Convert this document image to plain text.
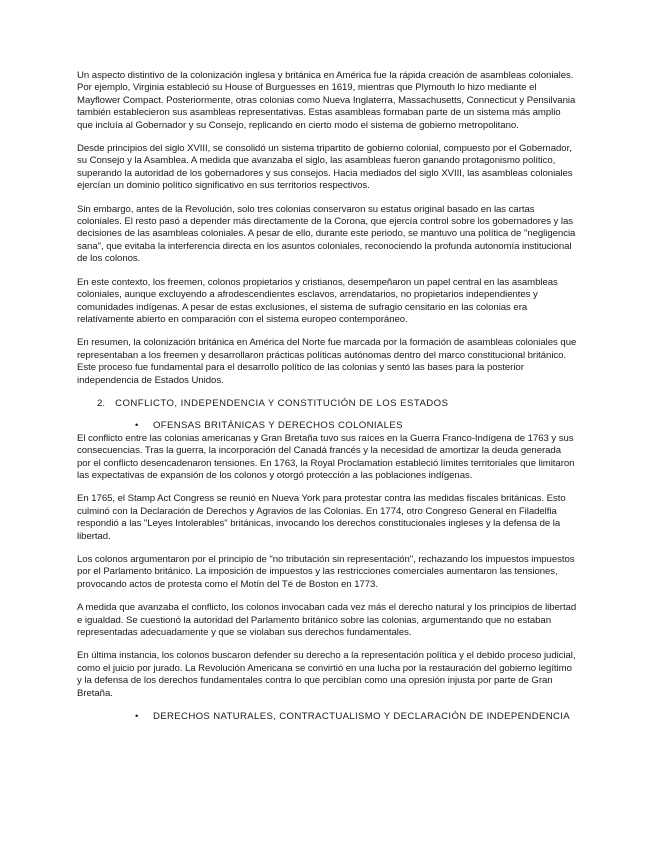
Un aspecto distintivo de la colonización inglesa y británica en América fue la rápida creación de asambleas coloniales. Por ejemplo, Virginia estableció su House of Burguesses en 1619, mientras que Plymouth lo hizo mediante el Mayflower Compact. Posteriormente, otras colonias como Nueva Inglaterra, Massachusetts, Connecticut y Pensilvania también establecieron sus asambleas representativas. Estas asambleas formaban parte de un sistema más amplio que incluía al Gobernador y su Consejo, replicando en cierto modo el sistema de gobierno metropolitano.

Desde principios del siglo XVIII, se consolidó un sistema tripartito de gobierno colonial, compuesto por el Gobernador, su Consejo y la Asamblea. A medida que avanzaba el siglo, las asambleas fueron ganando protagonismo político, superando la autoridad de los gobernadores y sus consejos. Hacia mediados del siglo XVIII, las asambleas coloniales ejercían un dominio político significativo en sus territorios respectivos.

Sin embargo, antes de la Revolución, solo tres colonias conservaron su estatus original basado en las cartas coloniales. El resto pasó a depender más directamente de la Corona, que ejercía control sobre los gobernadores y las decisiones de las asambleas coloniales. A pesar de ello, durante este periodo, se mantuvo una política de "negligencia sana", que evitaba la interferencia directa en los asuntos coloniales, reconociendo la profunda autonomía institucional de los colonos.

En este contexto, los freemen, colonos propietarios y cristianos, desempeñaron un papel central en las asambleas coloniales, aunque excluyendo a afrodescendientes esclavos, arrendatarios, no propietarios independientes y comunidades indígenas. A pesar de estas exclusiones, el sistema de sufragio censitario en las colonias era relativamente abierto en comparación con el sistema europeo contemporáneo.

En resumen, la colonización británica en América del Norte fue marcada por la formación de asambleas coloniales que representaban a los freemen y desarrollaron prácticas políticas autónomas dentro del marco constitucional británico. Este proceso fue fundamental para el desarrollo político de las colonias y sentó las bases para la posterior independencia de Estados Unidos.

2. CONFLICTO, INDEPENDENCIA Y CONSTITUCIÓN DE LOS ESTADOS
•	OFENSAS BRITÁNICAS Y DERECHOS COLONIALES

El conflicto entre las colonias americanas y Gran Bretaña tuvo sus raíces en la Guerra Franco-Indígena de 1763 y sus consecuencias. Tras la guerra, la incorporación del Canadá francés y la necesidad de amortizar la deuda generada por el conflicto desencadenaron tensiones. En 1763, la Royal Proclamation estableció límites territoriales que limitaron las expectativas de expansión de los colonos y otorgó protección a las poblaciones indígenas.

En 1765, el Stamp Act Congress se reunió en Nueva York para protestar contra las medidas fiscales británicas. Esto culminó con la Declaración de Derechos y Agravios de las Colonias. En 1774, otro Congreso General en Filadelfia respondió a las "Leyes Intolerables" británicas, invocando los derechos constitucionales ingleses y la defensa de la libertad.

Los colonos argumentaron por el principio de "no tributación sin representación", rechazando los impuestos impuestos por el Parlamento británico. La imposición de impuestos y las restricciones comerciales aumentaron las tensiones, provocando actos de protesta como el Motín del Té de Boston en 1773.

A medida que avanzaba el conflicto, los colonos invocaban cada vez más el derecho natural y los principios de libertad e igualdad. Se cuestionó la autoridad del Parlamento británico sobre las colonias, argumentando que no estaban representadas adecuadamente y que se violaban sus derechos fundamentales.

En última instancia, los colonos buscaron defender su derecho a la representación política y el debido proceso judicial, como el juicio por jurado. La Revolución Americana se convirtió en una lucha por la restauración del gobierno legítimo y la defensa de los derechos fundamentales contra lo que percibían como una opresión injusta por parte de Gran Bretaña.

•	DERECHOS NATURALES, CONTRACTUALISMO Y DECLARACIÓN DE INDEPENDENCIA
